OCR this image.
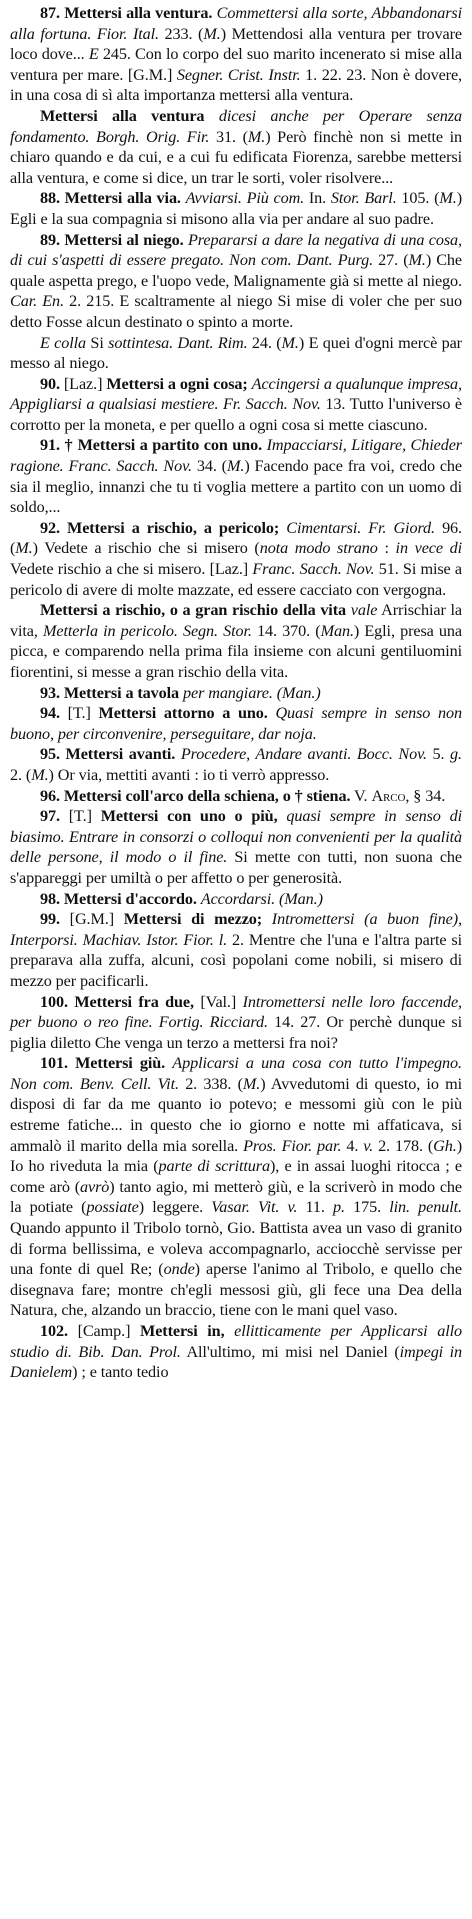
87. Mettersi alla ventura. Commettersi alla sorte, Abbandonarsi alla fortuna. Fior. Ital. 233. (M.) Mettendosi alla ventura per trovare loco dove... E 245. Con lo corpo del suo marito incenerato si mise alla ventura per mare. [G.M.] Segner. Crist. Instr. 1. 22. 23. Non è dovere, in una cosa di sì alta importanza mettersi alla ventura.

Mettersi alla ventura dicesi anche per Operare senza fondamento. Borgh. Orig. Fir. 31. (M.) Però finchè non si mette in chiaro quando e da cui, e a cui fu edificata Fiorenza, sarebbe mettersi alla ventura, e come si dice, un trar le sorti, voler risolvere...

88. Mettersi alla via. Avviarsi. Più com. In. Stor. Barl. 105. (M.) Egli e la sua compagnia si misono alla via per andare al suo padre.

89. Mettersi al niego. Prepararsi a dare la negativa di una cosa, di cui s'aspetti di essere pregato. Non com. Dant. Purg. 27. (M.) Che quale aspetta prego, e l'uopo vede, Malignamente già si mette al niego. Car. En. 2. 215. E scaltramente al niego Si mise di voler che per suo detto Fosse alcun destinato o spinto a morte.

E colla Si sottintesa. Dant. Rim. 24. (M.) E quei d'ogni mercè par messo al niego.

90. [Laz.] Mettersi a ogni cosa; Accingersi a qualunque impresa, Appigliarsi a qualsiasi mestiere. Fr. Sacch. Nov. 13. Tutto l'universo è corrotto per la moneta, e per quello a ogni cosa si mette ciascuno.

91. † Mettersi a partito con uno. Impacciarsi, Litigare, Chieder ragione. Franc. Sacch. Nov. 34. (M.) Facendo pace fra voi, credo che sia il meglio, innanzi che tu ti voglia mettere a partito con un uomo di soldo,...

92. Mettersi a rischio, a pericolo; Cimentarsi. Fr. Giord. 96. (M.) Vedete a rischio che si misero (nota modo strano : in vece di Vedete rischio a che si misero. [Laz.] Franc. Sacch. Nov. 51. Si mise a pericolo di avere di molte mazzate, ed essere cacciato con vergogna.

Mettersi a rischio, o a gran rischio della vita vale Arrischiar la vita, Metterla in pericolo. Segn. Stor. 14. 370. (Man.) Egli, presa una picca, e comparendo nella prima fila insieme con alcuni gentiluomini fiorentini, si messe a gran rischio della vita.

93. Mettersi a tavola per mangiare. (Man.)

94. [T.] Mettersi attorno a uno. Quasi sempre in senso non buono, per circonvenire, perseguitare, dar noja.

95. Mettersi avanti. Procedere, Andare avanti. Bocc. Nov. 5. g. 2. (M.) Or via, mettiti avanti : io ti verrò appresso.

96. Mettersi coll'arco della schiena, o † stiena. V. Arco, § 34.

97. [T.] Mettersi con uno o più, quasi sempre in senso di biasimo. Entrare in consorzi o colloqui non convenienti per la qualità delle persone, il modo o il fine. Si mette con tutti, non suona che s'appareggi per umiltà o per affetto o per generosità.

98. Mettersi d'accordo. Accordarsi. (Man.)

99. [G.M.] Mettersi di mezzo; Intromettersi (a buon fine), Interporsi. Machiav. Istor. Fior. l. 2. Mentre che l'una e l'altra parte si preparava alla zuffa, alcuni, così popolani come nobili, si misero di mezzo per pacificarli.

100. Mettersi fra due, [Val.] Intromettersi nelle loro faccende, per buono o reo fine. Fortig. Ricciard. 14. 27. Or perchè dunque si piglia diletto Che venga un terzo a mettersi fra noi?

101. Mettersi giù. Applicarsi a una cosa con tutto l'impegno. Non com. Benv. Cell. Vit. 2. 338. (M.) Avvedutomi di questo, io mi disposi di far da me quanto io potevo; e messomi giù con le più estreme fatiche... in questo che io giorno e notte mi affaticava, si ammalò il marito della mia sorella. Pros. Fior. par. 4. v. 2. 178. (Gh.) Io ho riveduta la mia (parte di scrittura), e in assai luoghi ritocca ; e come arò (avrò) tanto agio, mi metterò giù, e la scriverò in modo che la potiate (possiate) leggere. Vasar. Vit. v. 11. p. 175. lin. penult. Quando appunto il Tribolo tornò, Gio. Battista avea un vaso di granito di forma bellissima, e voleva accompagnarlo, acciocchè servisse per una fonte di quel Re; (onde) aperse l'animo al Tribolo, e quello che disegnava fare; montre ch'egli messosi giù, gli fece una Dea della Natura, che, alzando un braccio, tiene con le mani quel vaso.

102. [Camp.] Mettersi in, ellitticamente per Applicarsi allo studio di. Bib. Dan. Prol. All'ultimo, mi misi nel Daniel (impegi in Danielem) ; e tanto tedio
